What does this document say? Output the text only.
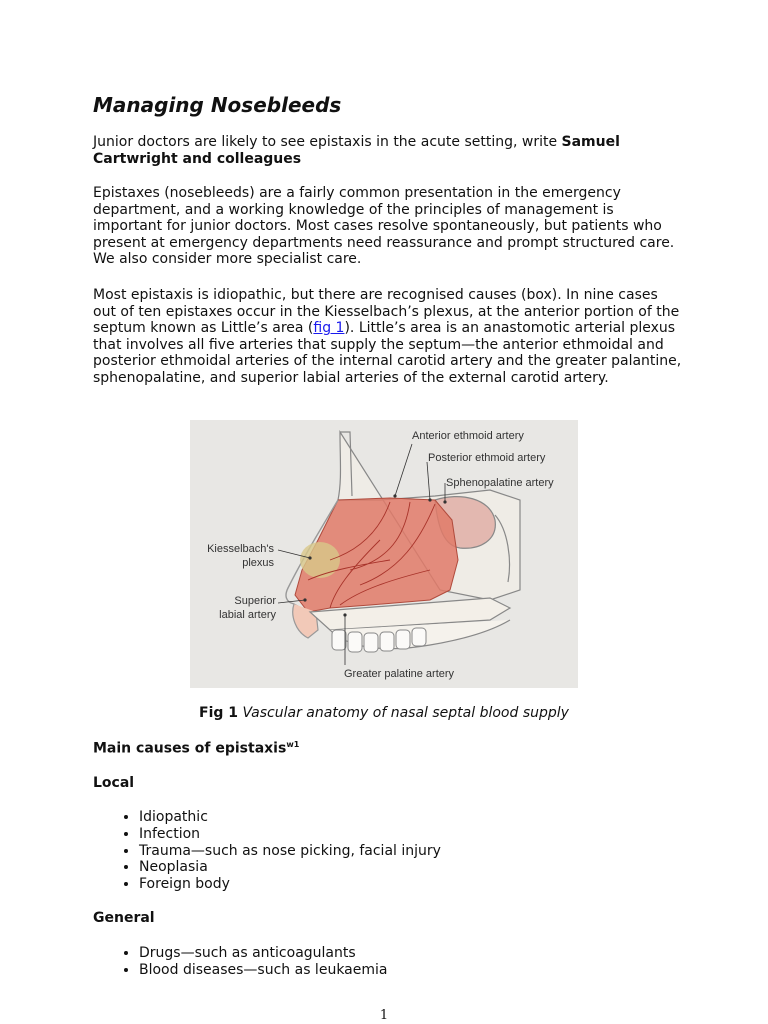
Managing Nosebleeds

Junior doctors are likely to see epistaxis in the acute setting, write Samuel Cartwright and colleagues

Epistaxes (nosebleeds) are a fairly common presentation in the emergency department, and a working knowledge of the principles of management is important for junior doctors. Most cases resolve spontaneously, but patients who present at emergency departments need reassurance and prompt structured care. We also consider more specialist care.

Most epistaxis is idiopathic, but there are recognised causes (box). In nine cases out of ten epistaxes occur in the Kiesselbach’s plexus, at the anterior portion of the septum known as Little’s area (fig 1). Little’s area is an anastomotic arterial plexus that involves all five arteries that supply the septum—the anterior ethmoidal and posterior ethmoidal arteries of the internal carotid artery and the greater palantine, sphenopalatine, and superior labial arteries of the external carotid artery.

Anterior ethmoid artery
Posterior ethmoid artery
Sphenopalatine artery
Kiesselbach's
plexus
Superior
labial artery
Greater palatine artery
Fig 1 Vascular anatomy of nasal septal blood supply
Main causes of epistaxis$^{w1}$
Local
• Idiopathic
• Infection
• Trauma—such as nose picking, facial injury
• Neoplasia
• Foreign body
General
• Drugs—such as anticoagulants
• Blood diseases—such as leukaemia
1
